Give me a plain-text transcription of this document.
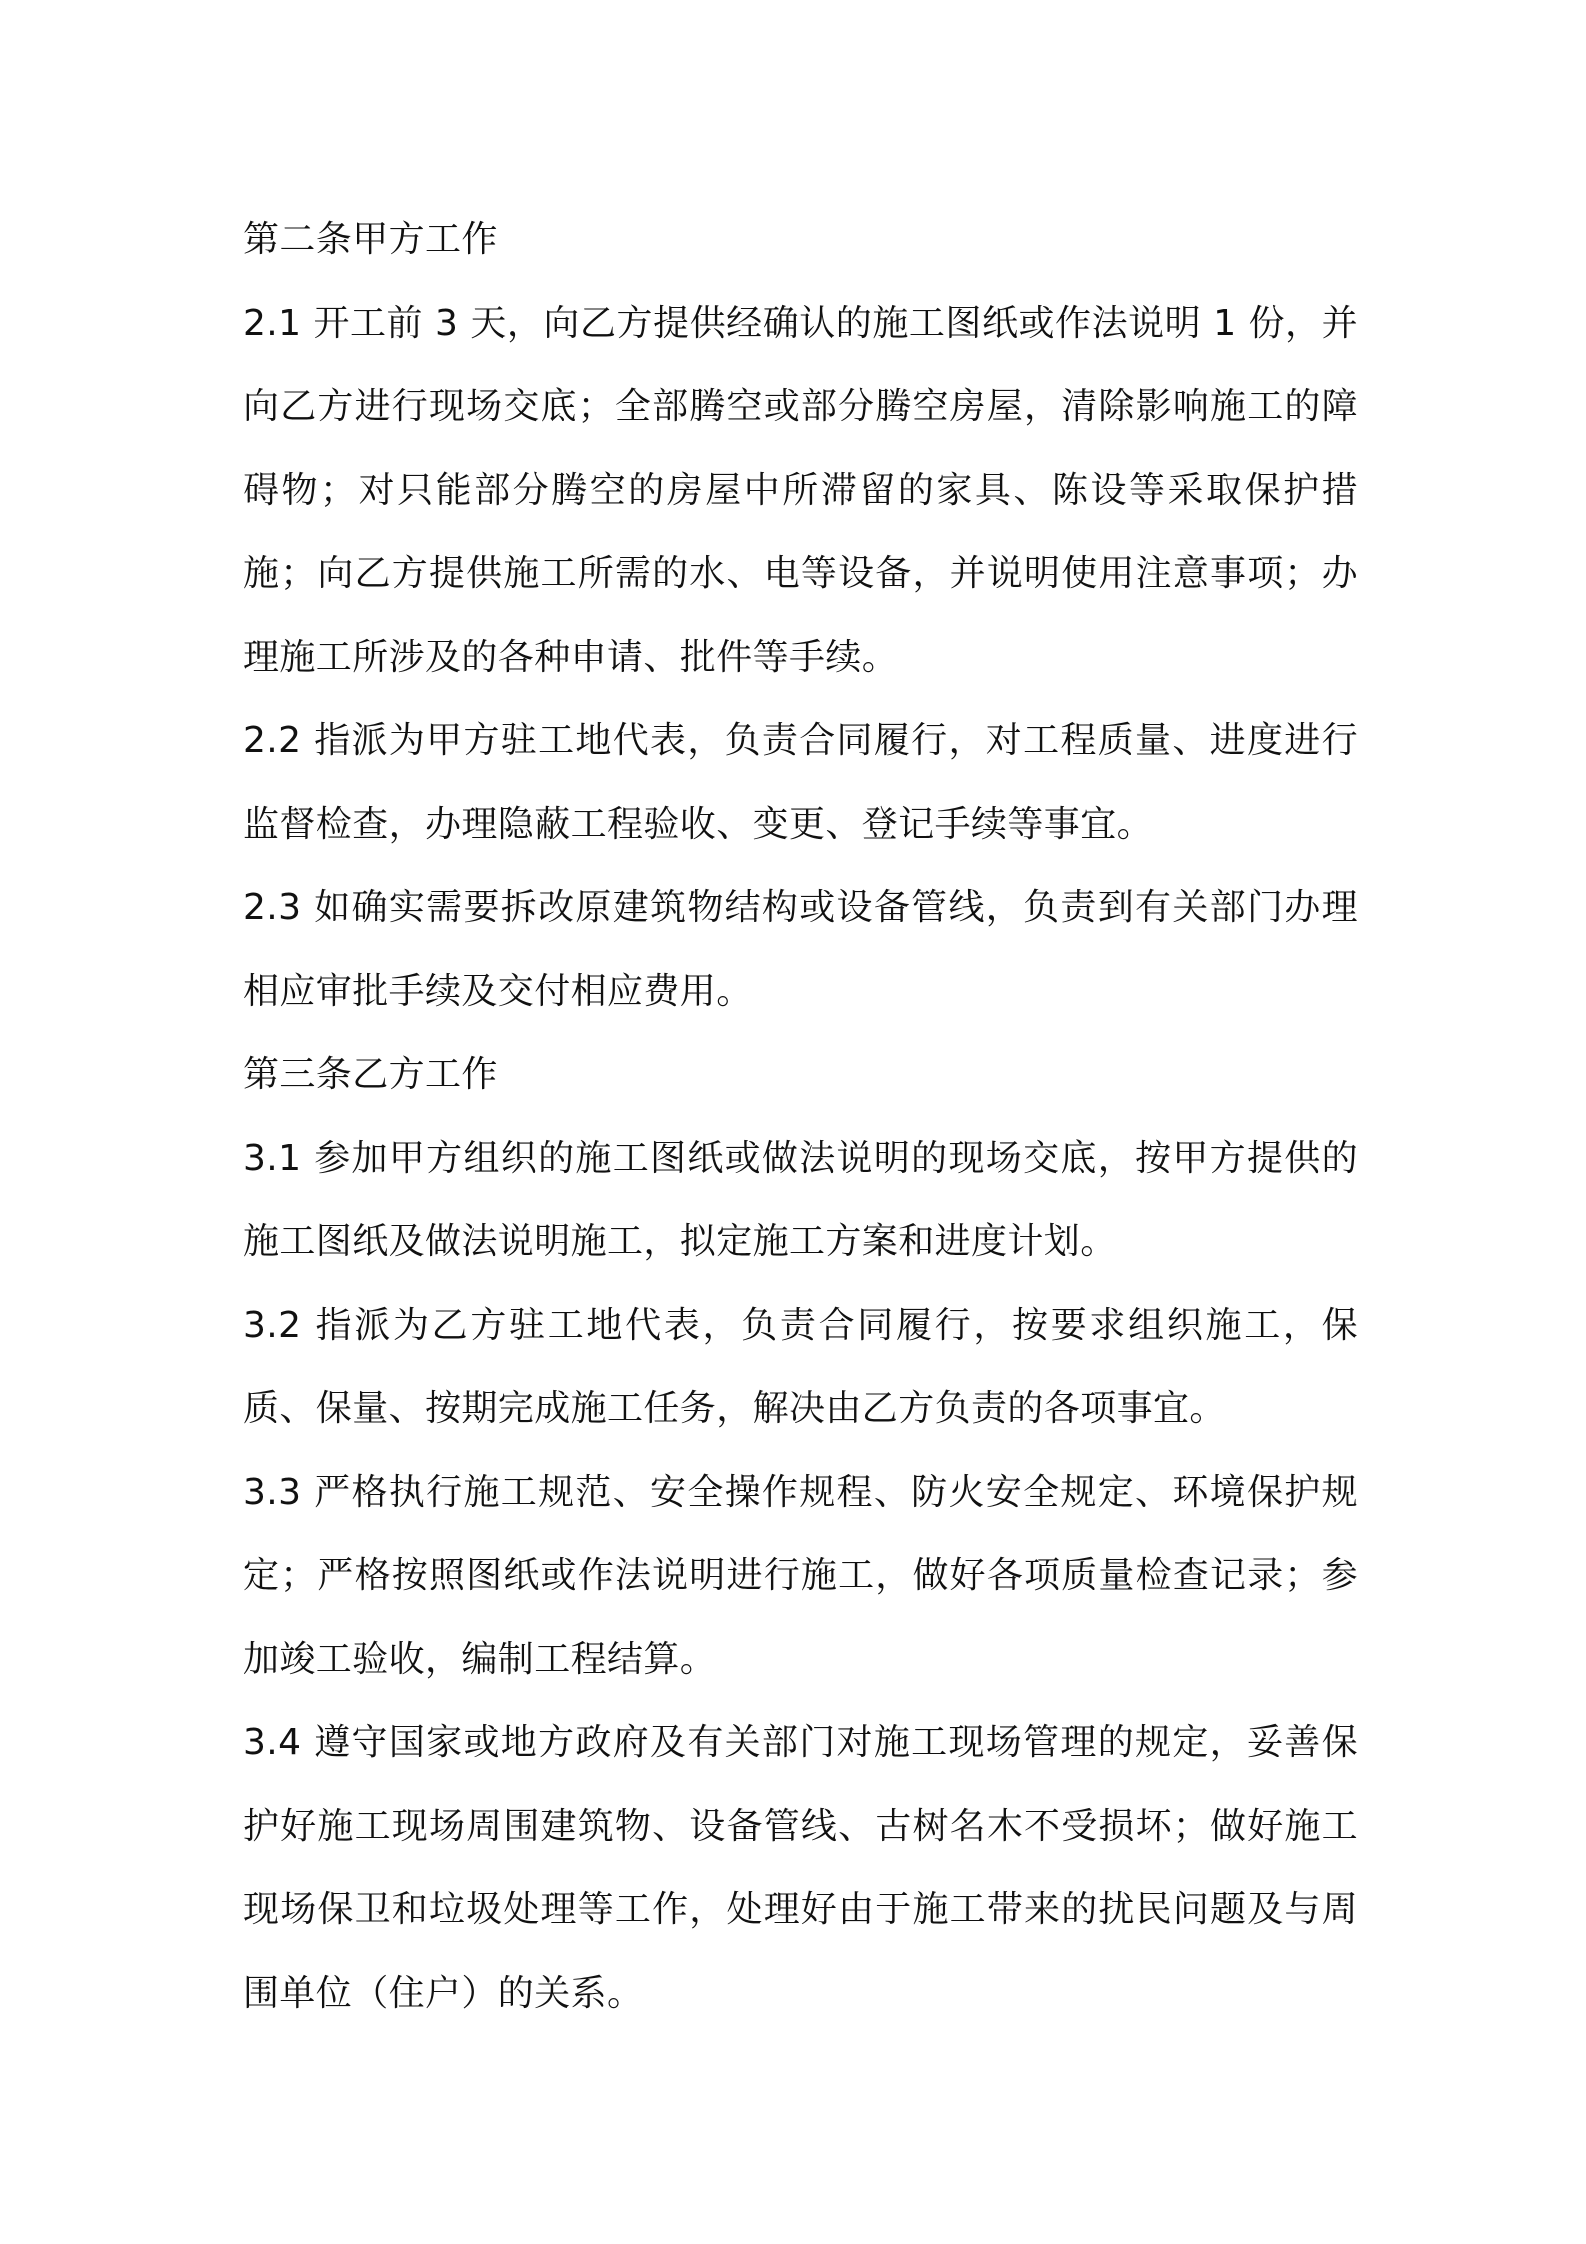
第二条甲方工作

2.1 开工前 3 天，向乙方提供经确认的施工图纸或作法说明 1 份，并向乙方进行现场交底；全部腾空或部分腾空房屋，清除影响施工的障碍物；对只能部分腾空的房屋中所滞留的家具、陈设等采取保护措施；向乙方提供施工所需的水、电等设备，并说明使用注意事项；办理施工所涉及的各种申请、批件等手续。

2.2 指派为甲方驻工地代表，负责合同履行，对工程质量、进度进行监督检查，办理隐蔽工程验收、变更、登记手续等事宜。

2.3 如确实需要拆改原建筑物结构或设备管线，负责到有关部门办理相应审批手续及交付相应费用。

第三条乙方工作

3.1 参加甲方组织的施工图纸或做法说明的现场交底，按甲方提供的施工图纸及做法说明施工，拟定施工方案和进度计划。

3.2 指派为乙方驻工地代表，负责合同履行，按要求组织施工，保质、保量、按期完成施工任务，解决由乙方负责的各项事宜。

3.3 严格执行施工规范、安全操作规程、防火安全规定、环境保护规定；严格按照图纸或作法说明进行施工，做好各项质量检查记录；参加竣工验收，编制工程结算。

3.4 遵守国家或地方政府及有关部门对施工现场管理的规定，妥善保护好施工现场周围建筑物、设备管线、古树名木不受损坏；做好施工现场保卫和垃圾处理等工作，处理好由于施工带来的扰民问题及与周围单位（住户）的关系。
